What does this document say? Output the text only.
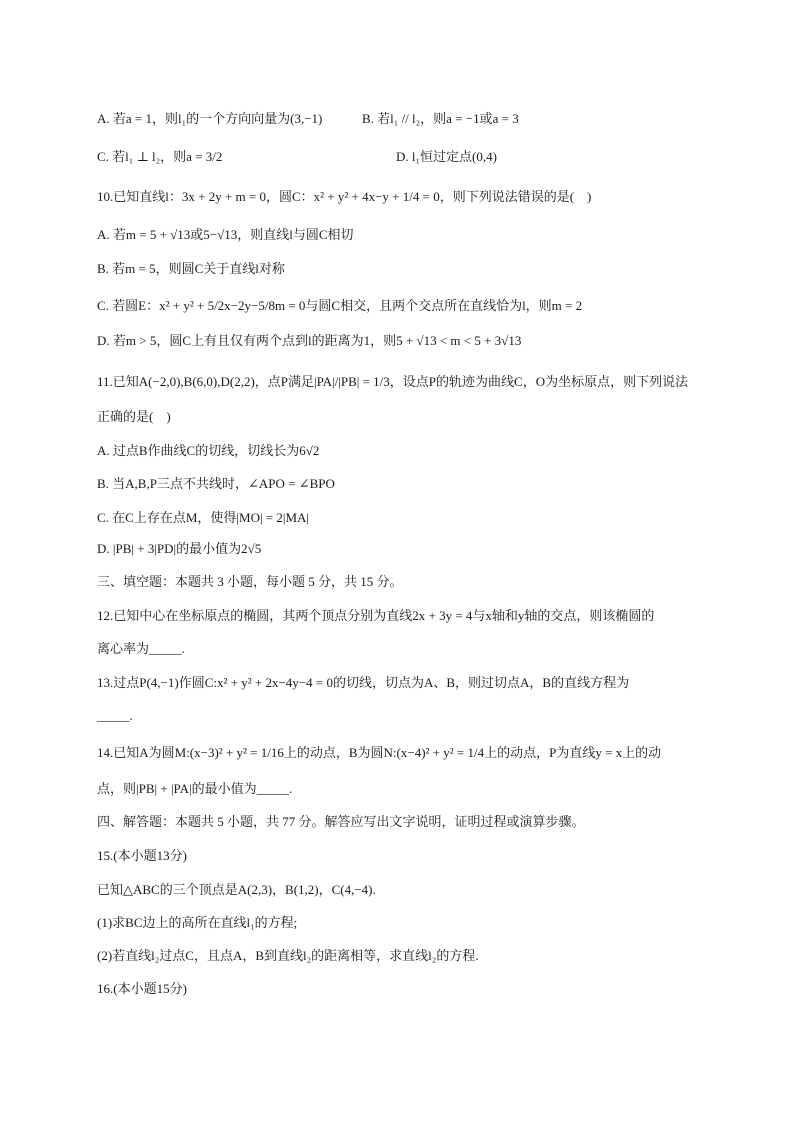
A. 若a = 1，则l₁的一个方向向量为(3,−1)	B. 若l₁ // l₂，则a = −1或a = 3
C. 若l₁ ⊥ l₂，则a = 3/2	D. l₁恒过定点(0,4)
10.已知直线l：3x + 2y + m = 0，圆C：x² + y² + 4x−y + 1/4 = 0，则下列说法错误的是(　)
A. 若m = 5 + √13或5−√13，则直线l与圆C相切
B. 若m = 5，则圆C关于直线l对称
C. 若圆E：x² + y² + 5/2x−2y−5/8m = 0与圆C相交，且两个交点所在直线恰为l，则m = 2
D. 若m > 5，圆C上有且仅有两个点到l的距离为1，则5 + √13 < m < 5 + 3√13
11.已知A(−2,0),B(6,0),D(2,2)，点P满足|PA|/|PB| = 1/3，设点P的轨迹为曲线C，O为坐标原点，则下列说法
正确的是(　)
A. 过点B作曲线C的切线，切线长为6√2
B. 当A,B,P三点不共线时，∠APO = ∠BPO
C. 在C上存在点M，使得|MO| = 2|MA|
D. |PB| + 3|PD|的最小值为2√5
三、填空题：本题共 3 小题，每小题 5 分，共 15 分。
12.已知中心在坐标原点的椭圆，其两个顶点分别为直线2x + 3y = 4与x轴和y轴的交点，则该椭圆的
离心率为_____.
13.过点P(4,−1)作圆C:x² + y² + 2x−4y−4 = 0的切线，切点为A、B，则过切点A，B的直线方程为
_____.
14.已知A为圆M:(x−3)² + y² = 1/16上的动点，B为圆N:(x−4)² + y² = 1/4上的动点，P为直线y = x上的动
点，则|PB| + |PA|的最小值为_____.
四、解答题：本题共 5 小题，共 77 分。解答应写出文字说明，证明过程或演算步骤。
15.(本小题13分)
已知△ABC的三个顶点是A(2,3)，B(1,2)，C(4,−4).
(1)求BC边上的高所在直线l₁的方程;
(2)若直线l₂过点C，且点A，B到直线l₂的距离相等，求直线l₂的方程.
16.(本小题15分)
